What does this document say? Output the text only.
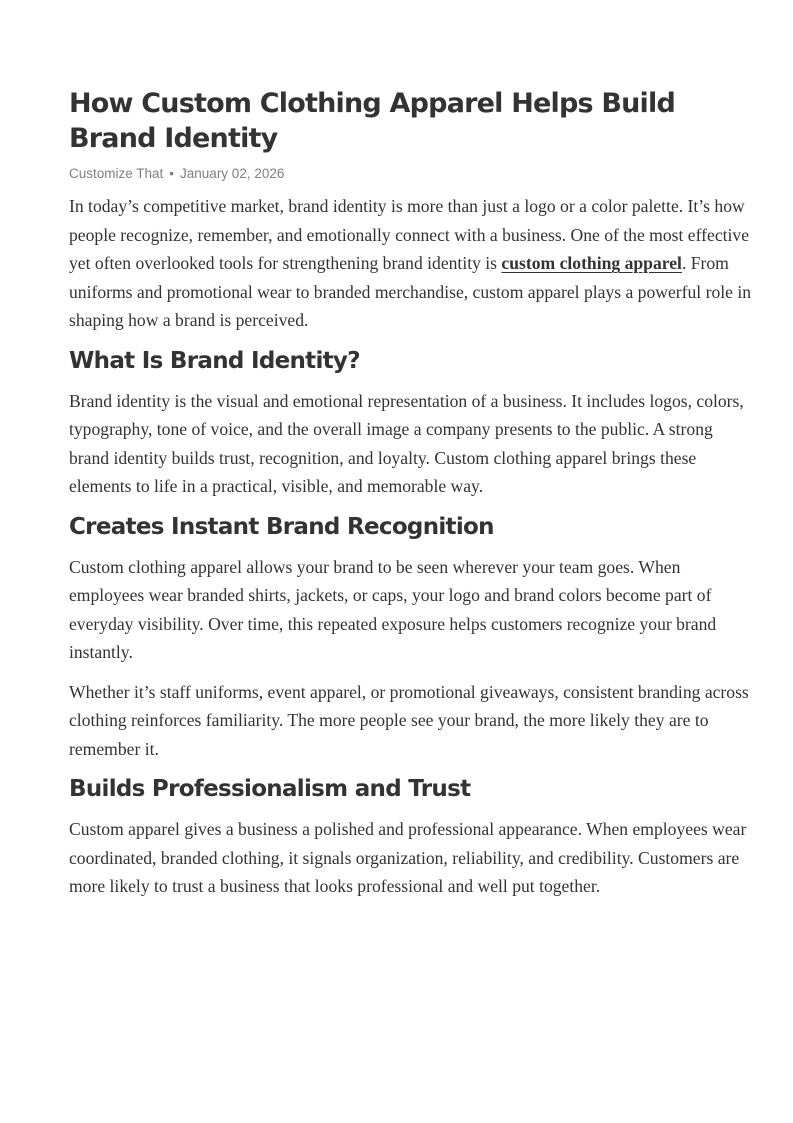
How Custom Clothing Apparel Helps Build Brand Identity
Customize That • January 02, 2026

In today’s competitive market, brand identity is more than just a logo or a color palette. It’s how people recognize, remember, and emotionally connect with a business. One of the most effective yet often overlooked tools for strengthening brand identity is custom clothing apparel. From uniforms and promotional wear to branded merchandise, custom apparel plays a powerful role in shaping how a brand is perceived.

What Is Brand Identity?

Brand identity is the visual and emotional representation of a business. It includes logos, colors, typography, tone of voice, and the overall image a company presents to the public. A strong brand identity builds trust, recognition, and loyalty. Custom clothing apparel brings these elements to life in a practical, visible, and memorable way.

Creates Instant Brand Recognition

Custom clothing apparel allows your brand to be seen wherever your team goes. When employees wear branded shirts, jackets, or caps, your logo and brand colors become part of everyday visibility. Over time, this repeated exposure helps customers recognize your brand instantly.

Whether it’s staff uniforms, event apparel, or promotional giveaways, consistent branding across clothing reinforces familiarity. The more people see your brand, the more likely they are to remember it.

Builds Professionalism and Trust

Custom apparel gives a business a polished and professional appearance. When employees wear coordinated, branded clothing, it signals organization, reliability, and credibility. Customers are more likely to trust a business that looks professional and well put together.
